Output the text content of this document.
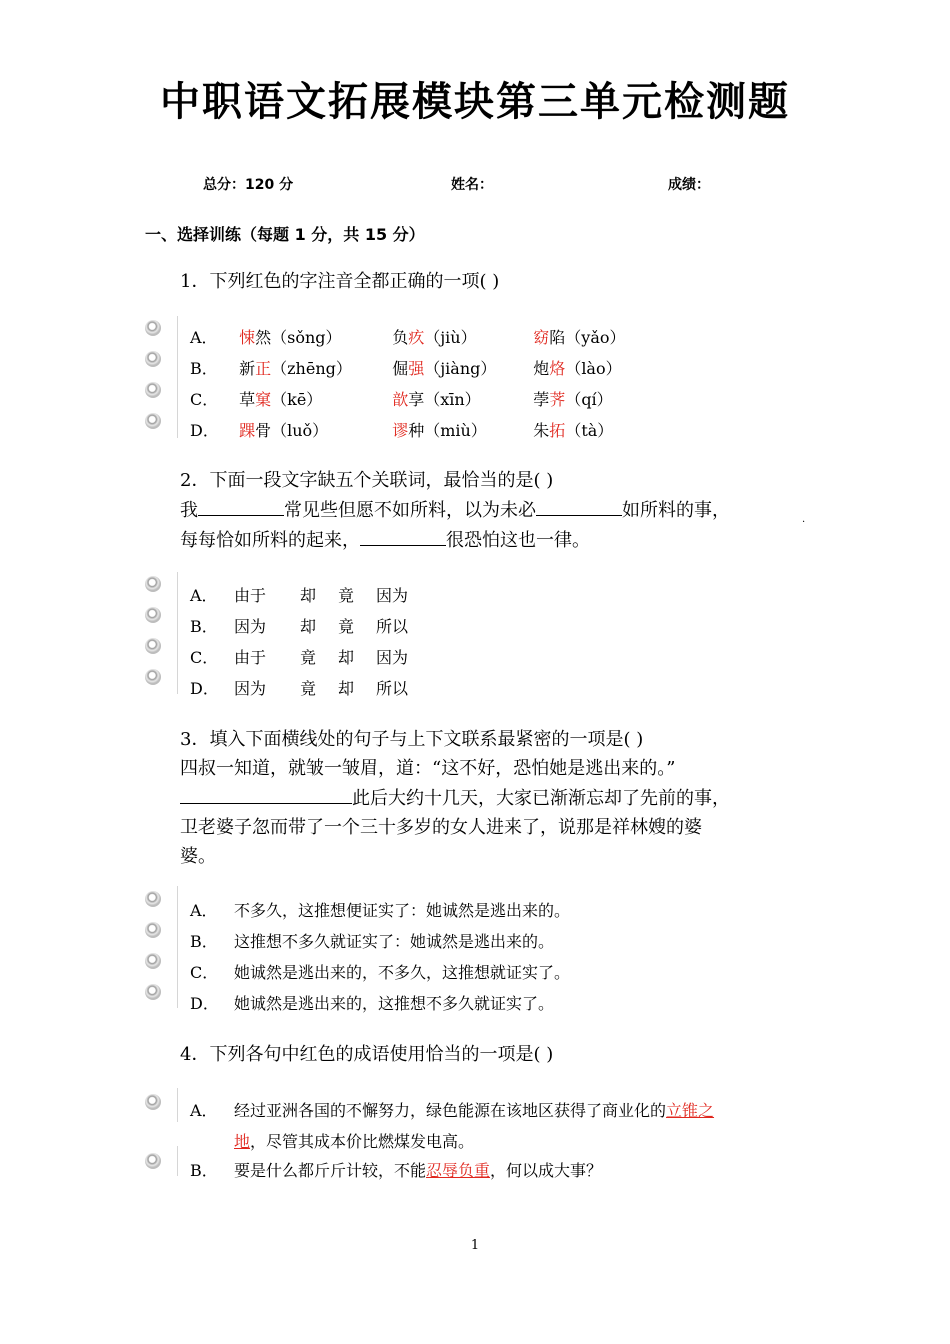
中职语文拓展模块第三单元检测题
总分：120 分	姓名：	成绩：
一、选择训练（每题 1 分，共 15 分）
1．下列红色的字注音全都正确的一项( )
A． 悚然（sǒng）	负疚（jiù）	窈陷（yǎo）
B． 新正（zhēng）	倔强（jiàng） 炮烙（lào）
C． 草窠（kē）	歆享（xīn）	荸荠（qí）
D． 踝骨（luǒ）	谬种（miù）	朱拓（tà）
2．下面一段文字缺五个关联词，最恰当的是( )
我	常见些但愿不如所料，以为未必	如所料的事，
每每恰如所料的起来，	很恐怕这也一律。
.
A． 由于 却 竟 因为
B． 因为 却 竟 所以
C． 由于 竟 却 因为
D． 因为 竟 却 所以
3．填入下面横线处的句子与上下文联系最紧密的一项是( )
四叔一知道，就皱一皱眉，道：“这不好，恐怕她是逃出来的。”
此后大约十几天，大家已渐渐忘却了先前的事，
卫老婆子忽而带了一个三十多岁的女人进来了，说那是祥林嫂的婆
婆。
A． 不多久，这推想便证实了：她诚然是逃出来的。
B． 这推想不多久就证实了：她诚然是逃出来的。
C． 她诚然是逃出来的，不多久，这推想就证实了。
D． 她诚然是逃出来的，这推想不多久就证实了。
4．下列各句中红色的成语使用恰当的一项是( )
A． 经过亚洲各国的不懈努力，绿色能源在该地区获得了商业化的立锥之
地，尽管其成本价比燃煤发电高。
B． 要是什么都斤斤计较，不能忍辱负重，何以成大事？
1
